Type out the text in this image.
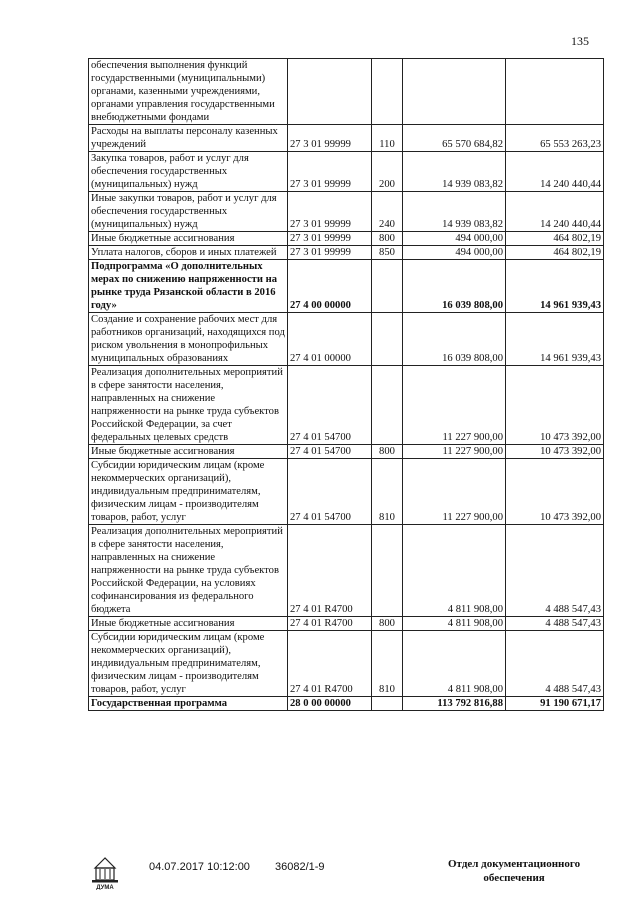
135
обеспечения выполнения функций государственными (муниципальными) органами, казенными учреждениями, органами управления государственными внебюджетными фондами				
Расходы на выплаты персоналу казенных учреждений	27 3 01 99999	110	65 570 684,82	65 553 263,23
Закупка товаров, работ и услуг для обеспечения государственных (муниципальных) нужд	27 3 01 99999	200	14 939 083,82	14 240 440,44
Иные закупки товаров, работ и услуг для обеспечения государственных (муниципальных) нужд	27 3 01 99999	240	14 939 083,82	14 240 440,44
Иные бюджетные ассигнования	27 3 01 99999	800	494 000,00	464 802,19
Уплата налогов, сборов и иных платежей	27 3 01 99999	850	494 000,00	464 802,19
Подпрограмма «О дополнительных мерах по снижению напряженности на рынке труда Рязанской области в 2016 году»	27 4 00 00000		16 039 808,00	14 961 939,43
Создание и сохранение рабочих мест для работников организаций, находящихся под риском увольнения в монопрофильных муниципальных образованиях	27 4 01 00000		16 039 808,00	14 961 939,43
Реализация дополнительных мероприятий в сфере занятости населения, направленных на снижение напряженности на рынке труда субъектов Российской Федерации, за счет федеральных целевых средств	27 4 01 54700		11 227 900,00	10 473 392,00
Иные бюджетные ассигнования	27 4 01 54700	800	11 227 900,00	10 473 392,00
Субсидии юридическим лицам (кроме некоммерческих организаций), индивидуальным предпринимателям, физическим лицам - производителям товаров, работ, услуг	27 4 01 54700	810	11 227 900,00	10 473 392,00
Реализация дополнительных мероприятий в сфере занятости населения, направленных на снижение напряженности на рынке труда субъектов Российской Федерации, на условиях софинансирования из федерального бюджета	27 4 01 R4700		4 811 908,00	4 488 547,43
Иные бюджетные ассигнования	27 4 01 R4700	800	4 811 908,00	4 488 547,43
Субсидии юридическим лицам (кроме некоммерческих организаций), индивидуальным предпринимателям, физическим лицам - производителям товаров, работ, услуг	27 4 01 R4700	810	4 811 908,00	4 488 547,43
Государственная программа	28 0 00 00000		113 792 816,88	91 190 671,17
ДУМА
04.07.2017 10:12:00 36082/1-9	Отдел документационного
обеспечения
